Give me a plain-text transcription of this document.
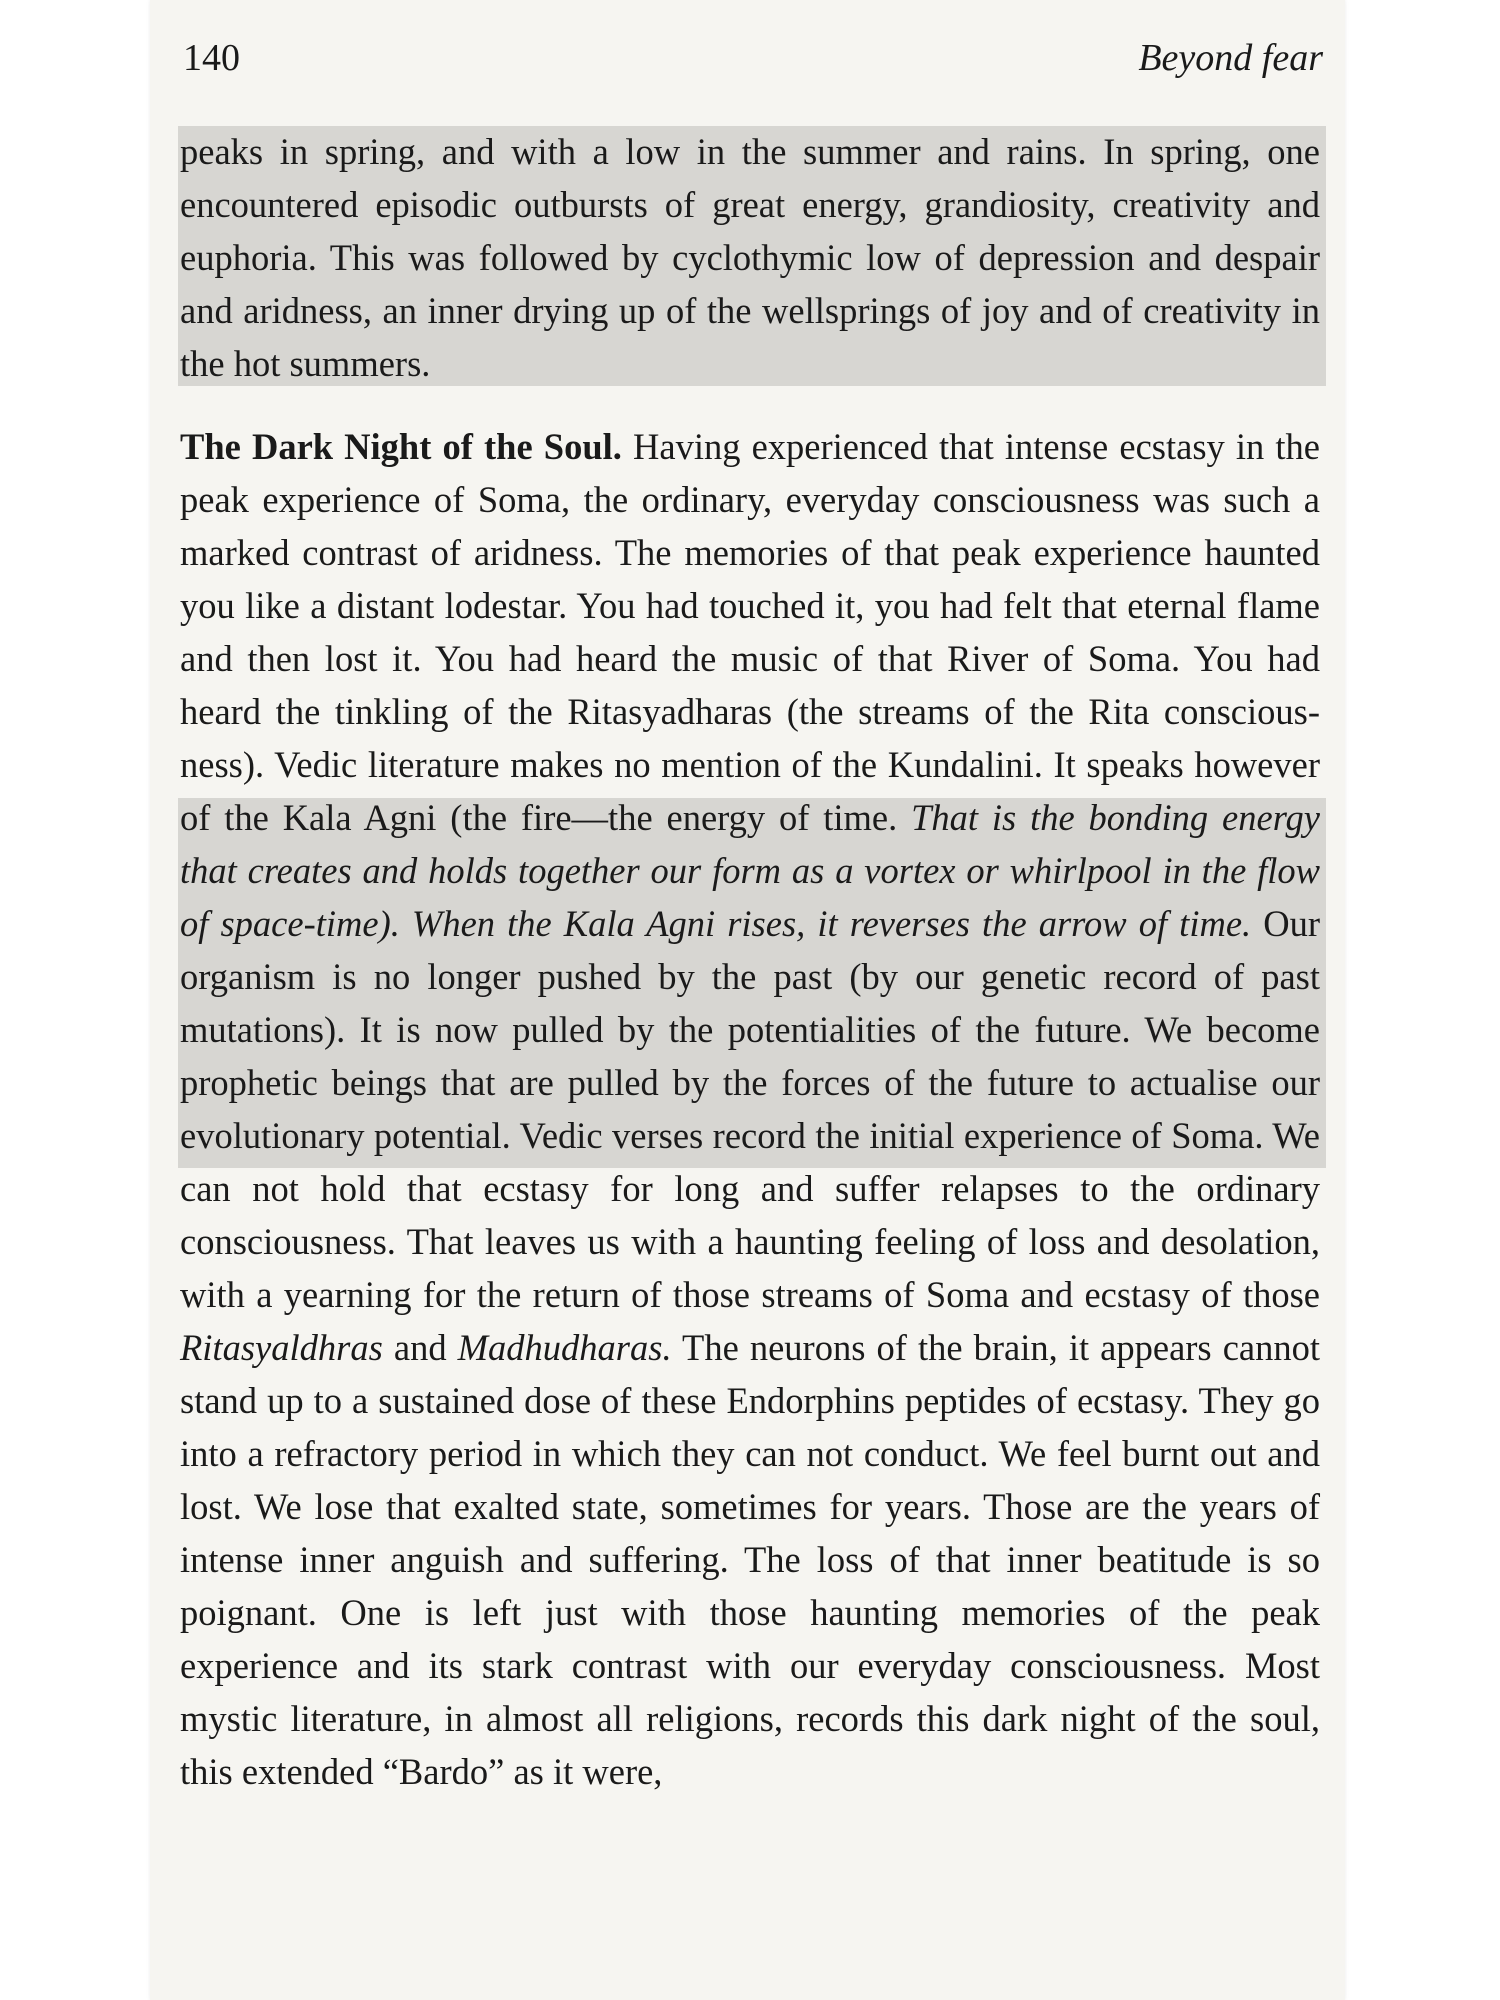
140	Beyond fear

peaks in spring, and with a low in the summer and rains. In spring, one encountered episodic outbursts of great energy, grandiosity, creativity and euphoria. This was followed by cyclothymic low of depression and despair and aridness, an inner drying up of the wellsprings of joy and of creativity in the hot summers.

The Dark Night of the Soul. Having experienced that intense ecstasy in the peak experience of Soma, the ordinary, everyday consciousness was such a marked contrast of aridness. The memories of that peak experience haunted you like a distant lodestar. You had touched it, you had felt that eternal flame and then lost it. You had heard the music of that River of Soma. You had heard the tinkling of the Ritasyadharas (the streams of the Rita consciousness). Vedic literature makes no mention of the Kundalini. It speaks however of the Kala Agni (the fire—the energy of time. That is the bonding energy that creates and holds together our form as a vortex or whirlpool in the flow of space-time). When the Kala Agni rises, it reverses the arrow of time. Our organism is no longer pushed by the past (by our genetic record of past mutations). It is now pulled by the potentialities of the future. We become prophetic beings that are pulled by the forces of the future to actualise our evolutionary potential. Vedic verses record the initial experience of Soma. We can not hold that ecstasy for long and suffer relapses to the ordinary consciousness. That leaves us with a haunting feeling of loss and desolation, with a yearning for the return of those streams of Soma and ecstasy of those Ritasyaldhras and Madhudharas. The neurons of the brain, it appears cannot stand up to a sustained dose of these Endorphins peptides of ecstasy. They go into a refractory period in which they can not conduct. We feel burnt out and lost. We lose that exalted state, sometimes for years. Those are the years of intense inner anguish and suffering. The loss of that inner beatitude is so poignant. One is left just with those haunting memories of the peak experience and its stark contrast with our everyday consciousness. Most mystic literature, in almost all religions, records this dark night of the soul, this extended “Bardo” as it were,
